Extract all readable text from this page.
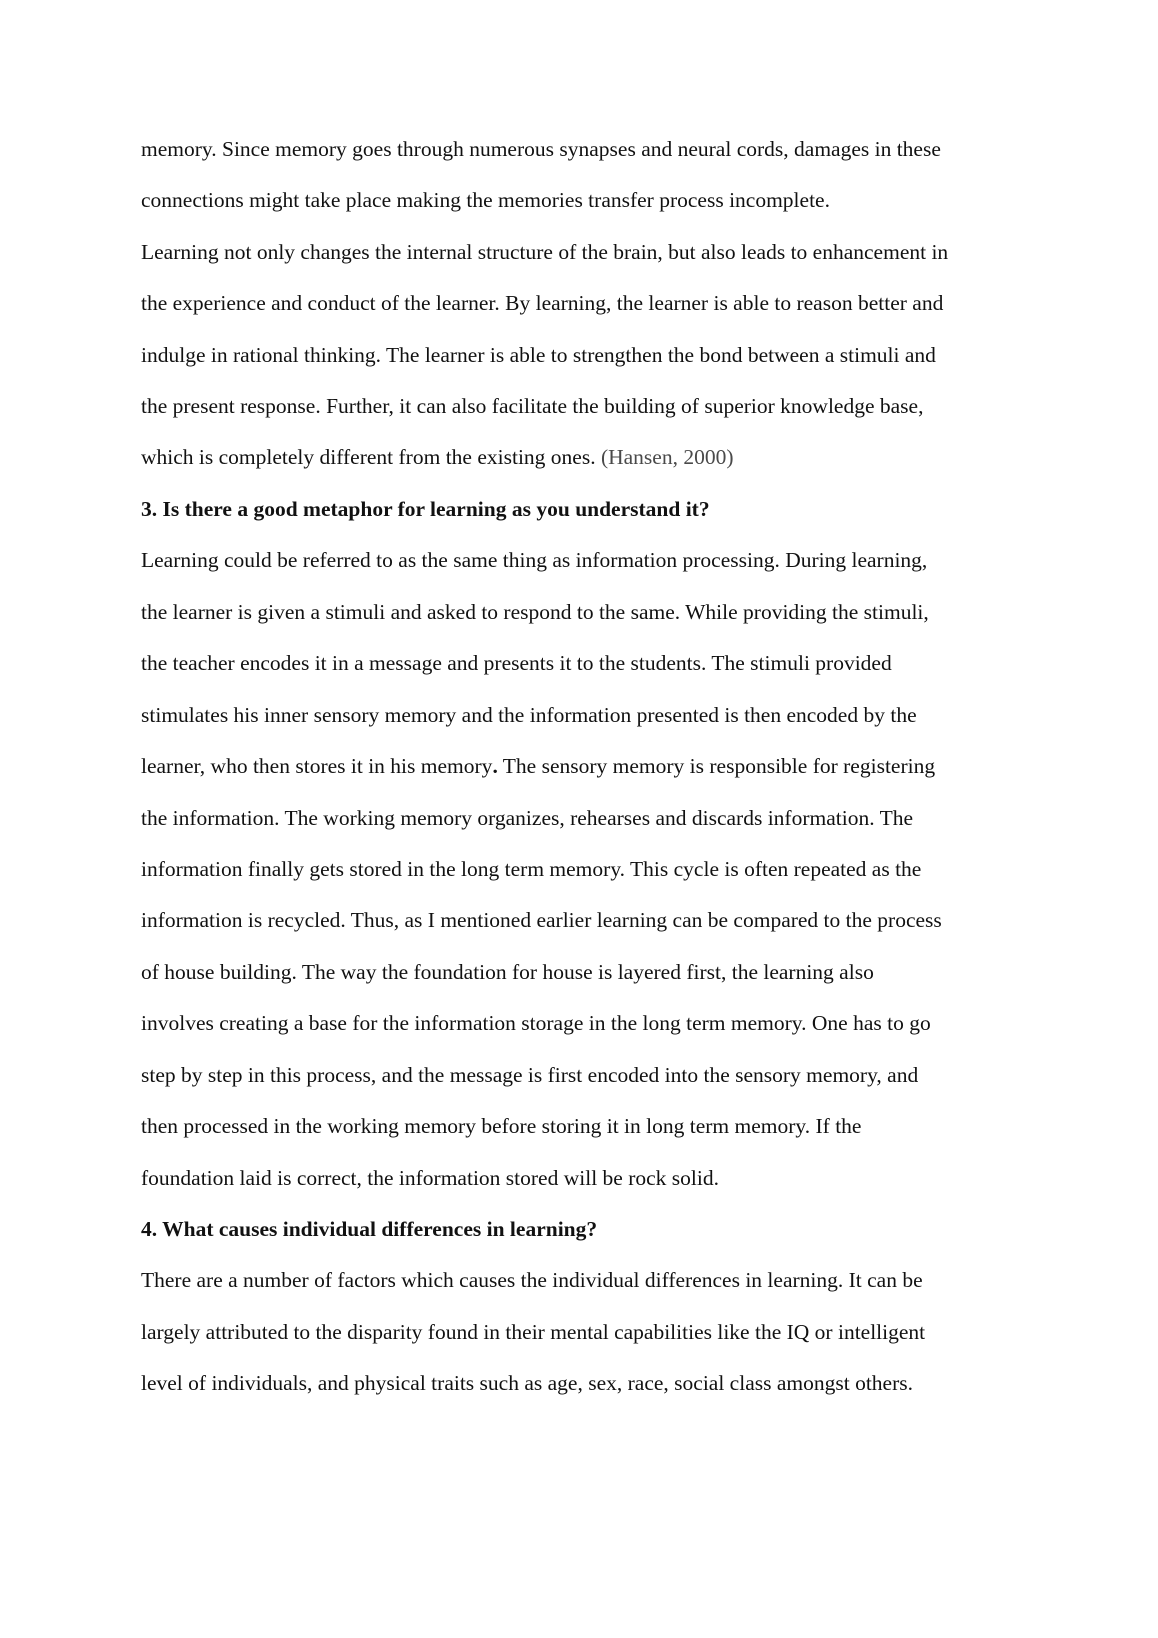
memory. Since memory goes through numerous synapses and neural cords, damages in these
connections might take place making the memories transfer process incomplete.
Learning not only changes the internal structure of the brain, but also leads to enhancement in
the experience and conduct of the learner. By learning, the learner is able to reason better and
indulge in rational thinking. The learner is able to strengthen the bond between a stimuli and
the present response. Further, it can also facilitate the building of superior knowledge base,
which is completely different from the existing ones. (Hansen, 2000)
3. Is there a good metaphor for learning as you understand it?
Learning could be referred to as the same thing as information processing. During learning,
the learner is given a stimuli and asked to respond to the same. While providing the stimuli,
the teacher encodes it in a message and presents it to the students. The stimuli provided
stimulates his inner sensory memory and the information presented is then encoded by the
learner, who then stores it in his memory. The sensory memory is responsible for registering
the information. The working memory organizes, rehearses and discards information. The
information finally gets stored in the long term memory. This cycle is often repeated as the
information is recycled. Thus, as I mentioned earlier learning can be compared to the process
of house building. The way the foundation for house is layered first, the learning also
involves creating a base for the information storage in the long term memory. One has to go
step by step in this process, and the message is first encoded into the sensory memory, and
then processed in the working memory before storing it in long term memory. If the
foundation laid is correct, the information stored will be rock solid.
4. What causes individual differences in learning?
There are a number of factors which causes the individual differences in learning. It can be
largely attributed to the disparity found in their mental capabilities like the IQ or intelligent
level of individuals, and physical traits such as age, sex, race, social class amongst others.
